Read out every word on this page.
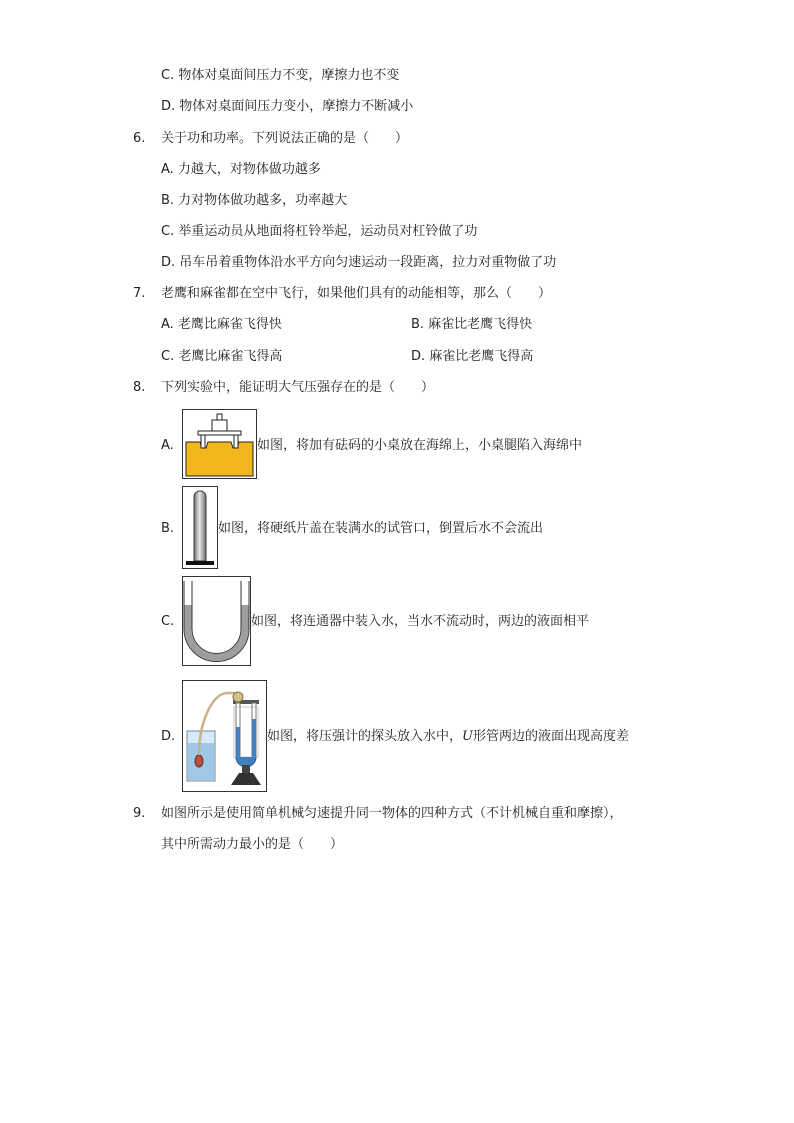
C. 物体对桌面间压力不变，摩擦力也不变
D. 物体对桌面间压力变小，摩擦力不断减小
6. 关于功和功率。下列说法正确的是（　　）
A. 力越大，对物体做功越多
B. 力对物体做功越多，功率越大
C. 举重运动员从地面将杠铃举起，运动员对杠铃做了功
D. 吊车吊着重物体沿水平方向匀速运动一段距离，拉力对重物做了功
7. 老鹰和麻雀都在空中飞行，如果他们具有的动能相等，那么（　　）
A. 老鹰比麻雀飞得快	B. 麻雀比老鹰飞得快
C. 老鹰比麻雀飞得高	D. 麻雀比老鹰飞得高
8. 下列实验中，能证明大气压强存在的是（　　）
A.	如图，将加有砝码的小桌放在海绵上，小桌腿陷入海绵中
B.	如图，将硬纸片盖在装满水的试管口，倒置后水不会流出
C.	如图，将连通器中装入水，当水不流动时，两边的液面相平
D.	如图，将压强计的探头放入水中，U形管两边的液面出现高度差
9. 如图所示是使用简单机械匀速提升同一物体的四种方式（不计机械自重和摩擦），
其中所需动力最小的是（　　）
